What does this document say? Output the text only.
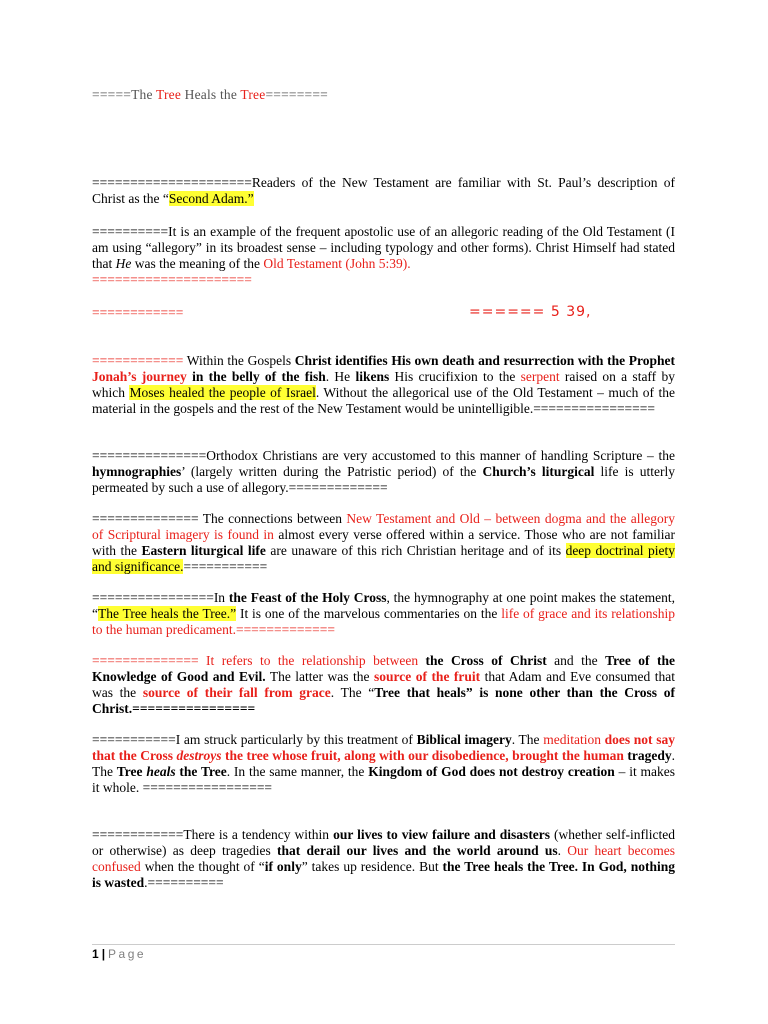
=====The Tree Heals the Tree========
=====================Readers of the New Testament are familiar with St. Paul’s description of Christ as the “Second Adam.”
==========It is an example of the frequent apostolic use of an allegoric reading of the Old Testament (I am using “allegory” in its broadest sense – including typology and other forms). Christ Himself had stated that He was the meaning of the Old Testament (John 5:39).
=====================
============	====== 5 39,
============ Within the Gospels Christ identifies His own death and resurrection with the Prophet Jonah’s journey in the belly of the fish. He likens His crucifixion to the serpent raised on a staff by which Moses healed the people of Israel. Without the allegorical use of the Old Testament – much of the material in the gospels and the rest of the New Testament would be unintelligible.================
===============Orthodox Christians are very accustomed to this manner of handling Scripture – the hymnographies’ (largely written during the Patristic period) of the Church’s liturgical life is utterly permeated by such a use of allegory.=============
============== The connections between New Testament and Old – between dogma and the allegory of Scriptural imagery is found in almost every verse offered within a service. Those who are not familiar with the Eastern liturgical life are unaware of this rich Christian heritage and of its deep doctrinal piety and significance.===========
================In the Feast of the Holy Cross, the hymnography at one point makes the statement, “The Tree heals the Tree.” It is one of the marvelous commentaries on the life of grace and its relationship to the human predicament.=============
============== It refers to the relationship between the Cross of Christ and the Tree of the Knowledge of Good and Evil. The latter was the source of the fruit that Adam and Eve consumed that was the source of their fall from grace. The “Tree that heals” is none other than the Cross of Christ.================
===========I am struck particularly by this treatment of Biblical imagery. The meditation does not say that the Cross destroys the tree whose fruit, along with our disobedience, brought the human tragedy. The Tree heals the Tree. In the same manner, the Kingdom of God does not destroy creation – it makes it whole. =================
============There is a tendency within our lives to view failure and disasters (whether self-inflicted or otherwise) as deep tragedies that derail our lives and the world around us. Our heart becomes confused when the thought of “if only” takes up residence. But the Tree heals the Tree. In God, nothing is wasted.==========
1 | Page
